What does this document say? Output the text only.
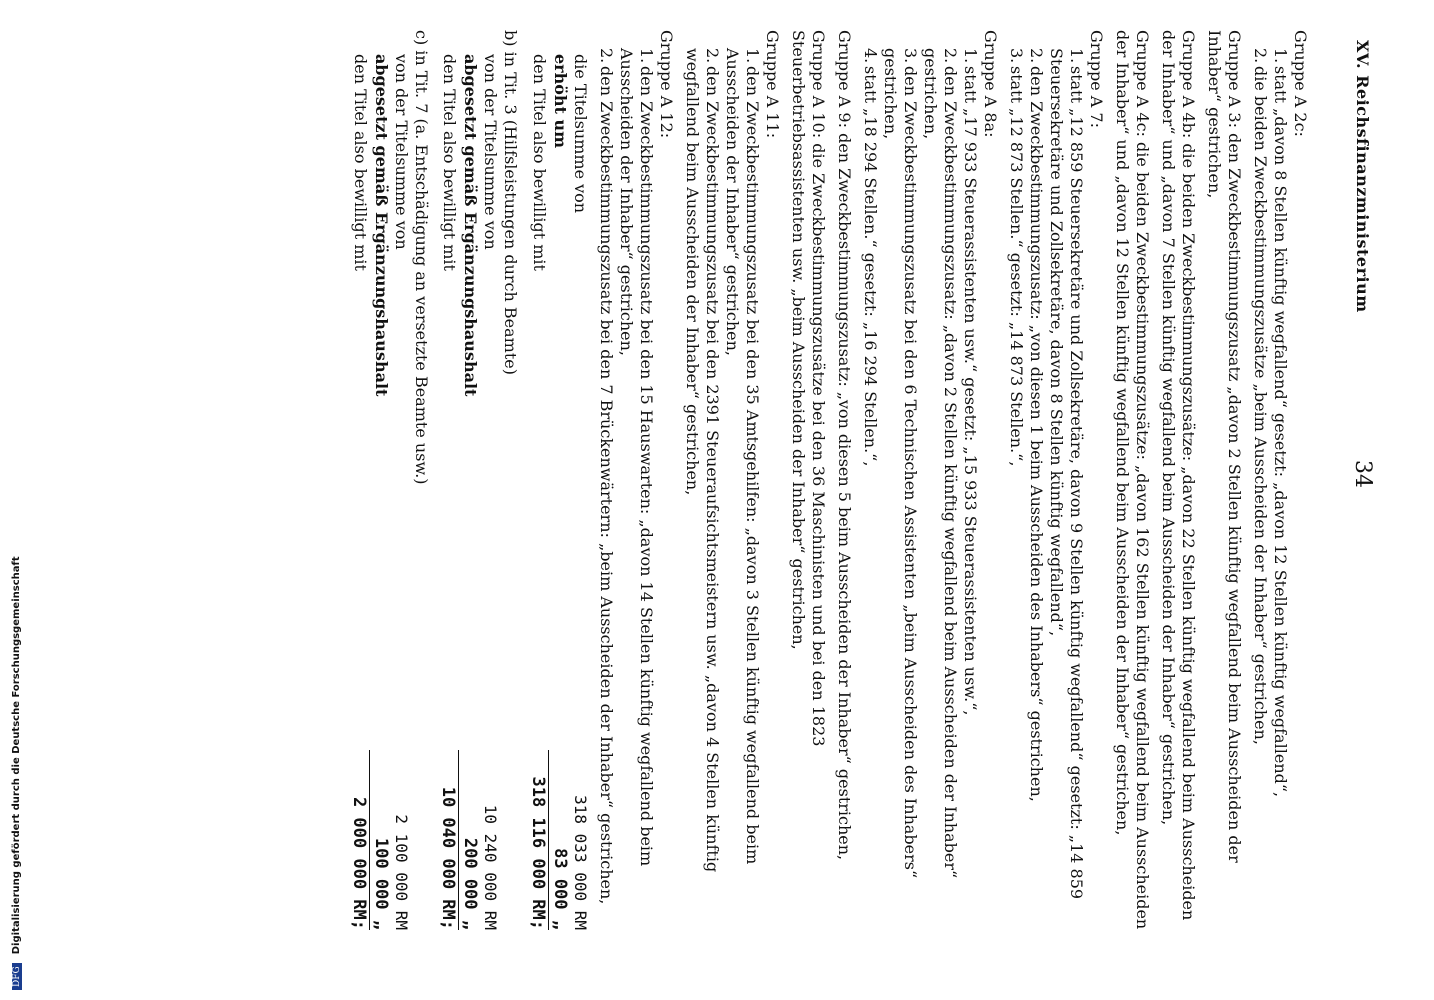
XV. Reichsfinanzministerium
34
Gruppe A 2c:
1.statt „davon 8 Stellen künftig wegfallend“ gesetzt: „davon 12 Stellen künftig wegfallend“,
2.die beiden Zweckbestimmungszusätze „beim Ausscheiden der Inhaber“ gestrichen,
Gruppe A 3: den Zweckbestimmungszusatz „davon 2 Stellen künftig wegfallend beim Ausscheiden der Inhaber“ gestrichen,
Gruppe A 4b: die beiden Zweckbestimmungszusätze: „davon 22 Stellen künftig wegfallend beim Ausscheiden der Inhaber“ und „davon 7 Stellen künftig wegfallend beim Ausscheiden der Inhaber“ gestrichen,
Gruppe A 4c: die beiden Zweckbestimmungszusätze: „davon 162 Stellen künftig wegfallend beim Ausscheiden der Inhaber“ und „davon 12 Stellen künftig wegfallend beim Ausscheiden der Inhaber“ gestrichen,
Gruppe A 7:
1.statt „12 859 Steuersekretäre und Zollsekretäre, davon 9 Stellen künftig wegfallend“ gesetzt: „14 859 Steuersekretäre und Zollsekretäre, davon 8 Stellen künftig wegfallend“,
2.den Zweckbestimmungszusatz: „von diesen 1 beim Ausscheiden des Inhabers“ gestrichen,
3.statt „12 873 Stellen.“ gesetzt: „14 873 Stellen.“,
Gruppe A 8a:
1.statt „17 933 Steuerassistenten usw.“ gesetzt: „15 933 Steuerassistenten usw.“,
2.den Zweckbestimmungszusatz: „davon 2 Stellen künftig wegfallend beim Ausscheiden der Inhaber“ gestrichen,
3.den Zweckbestimmungszusatz bei den 6 Technischen Assistenten „beim Ausscheiden des Inhabers“ gestrichen,
4.statt „18 294 Stellen.“ gesetzt: „16 294 Stellen.“,
Gruppe A 9: den Zweckbestimmungszusatz: „von diesen 5 beim Ausscheiden der Inhaber“ gestrichen,
Gruppe A 10: die Zweckbestimmungszusätze bei den 36 Maschinisten und bei den 1823 Steuerbetriebsassistenten usw. „beim Ausscheiden der Inhaber“ gestrichen,
Gruppe A 11:
1.den Zweckbestimmungszusatz bei den 35 Amtsgehilfen: „davon 3 Stellen künftig wegfallend beim Ausscheiden der Inhaber“ gestrichen,
2.den Zweckbestimmungszusatz bei den 2391 Steueraufsichtsmeistern usw. „davon 4 Stellen künftig wegfallend beim Ausscheiden der Inhaber“ gestrichen,
Gruppe A 12:
1.den Zweckbestimmungszusatz bei den 15 Hauswarten: „davon 14 Stellen künftig wegfallend beim Ausscheiden der Inhaber“ gestrichen,
2.den Zweckbestimmungszusatz bei den 7 Brückenwärtern: „beim Ausscheiden der Inhaber“ gestrichen,
die Titelsumme von
318 033 000 RM
erhöht um
83 000 „
den Titel also bewilligt mit
318 116 000 RM;
b) in Tit. 3 (Hilfsleistungen durch Beamte)
von der Titelsumme von
10 240 000 RM
abgesetzt gemäß Ergänzungshaushalt
200 000 „
den Titel also bewilligt mit
10 040 000 RM;
c) in Tit. 7 (a. Entschädigung an versetzte Beamte usw.)
von der Titelsumme von
2 100 000 RM
abgesetzt gemäß Ergänzungshaushalt
100 000 „
den Titel also bewilligt mit
2 000 000 RM;
DFG Digitalisierung gefördert durch die Deutsche Forschungsgemeinschaft
